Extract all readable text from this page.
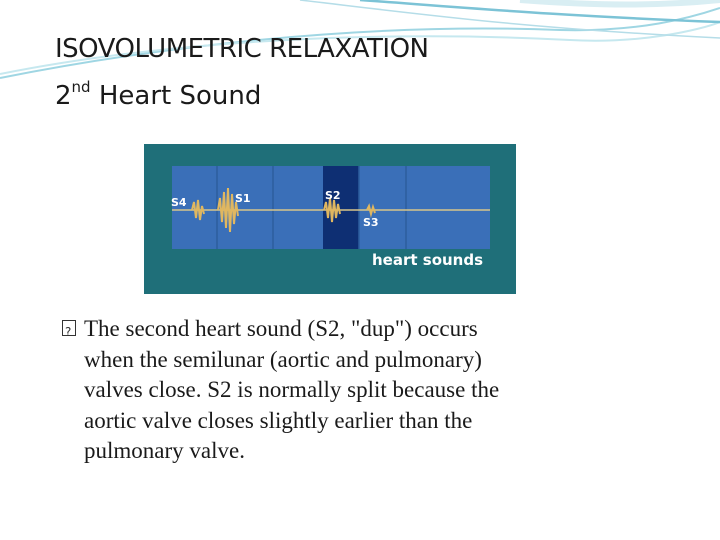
ISOVOLUMETRIC RELAXATION
2nd Heart Sound
S4	S1	S2
S3
heart sounds
?
The second heart sound (S2, "dup") occurs
when the semilunar (aortic and pulmonary)
valves close. S2 is normally split because the
aortic valve closes slightly earlier than the
pulmonary valve.
